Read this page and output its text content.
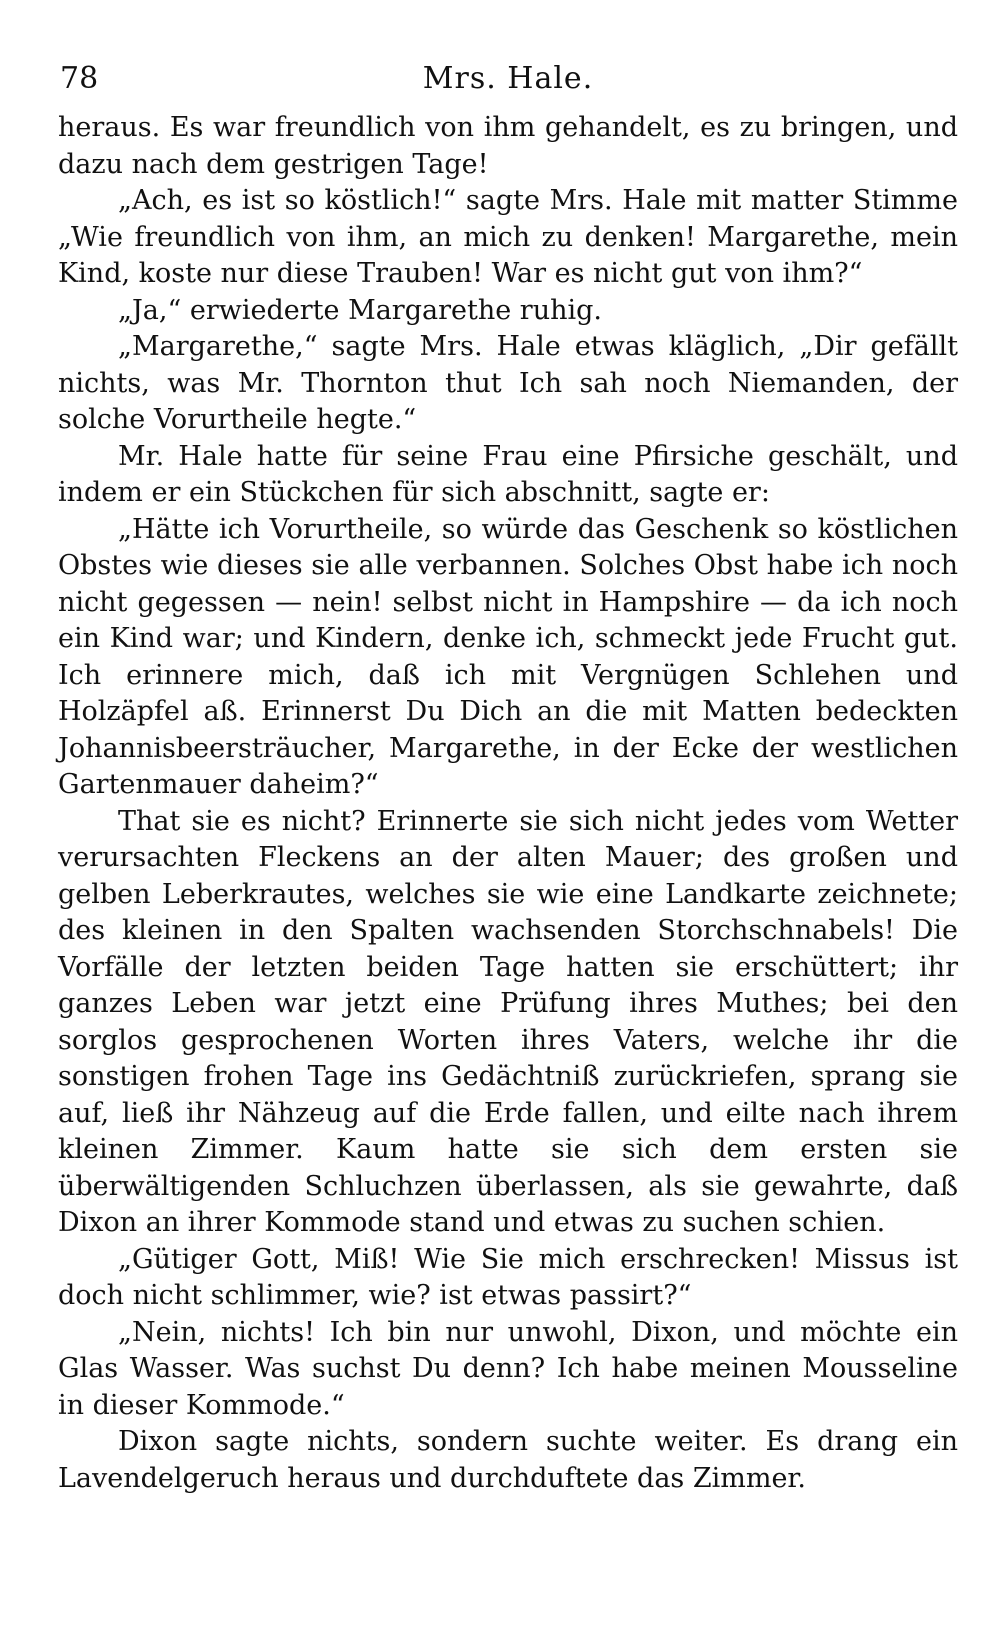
78	Mrs. Hale.

heraus. Es war freundlich von ihm gehandelt, es zu bringen, und dazu nach dem gestrigen Tage!

„Ach, es ist so köstlich!“ sagte Mrs. Hale mit matter Stimme „Wie freundlich von ihm, an mich zu denken! Margarethe, mein Kind, koste nur diese Trauben! War es nicht gut von ihm?“

„Ja,“ erwiederte Margarethe ruhig.

„Margarethe,“ sagte Mrs. Hale etwas kläglich, „Dir gefällt nichts, was Mr. Thornton thut Ich sah noch Niemanden, der solche Vorurtheile hegte.“

Mr. Hale hatte für seine Frau eine Pfirsiche geschält, und indem er ein Stückchen für sich abschnitt, sagte er:

„Hätte ich Vorurtheile, so würde das Geschenk so köstlichen Obstes wie dieses sie alle verbannen. Solches Obst habe ich noch nicht gegessen — nein! selbst nicht in Hampshire — da ich noch ein Kind war; und Kindern, denke ich, schmeckt jede Frucht gut. Ich erinnere mich, daß ich mit Vergnügen Schlehen und Holzäpfel aß. Erinnerst Du Dich an die mit Matten bedeckten Johannisbeersträucher, Margarethe, in der Ecke der westlichen Gartenmauer daheim?“

That sie es nicht? Erinnerte sie sich nicht jedes vom Wetter verursachten Fleckens an der alten Mauer; des großen und gelben Leberkrautes, welches sie wie eine Landkarte zeichnete; des kleinen in den Spalten wachsenden Storchschnabels! Die Vorfälle der letzten beiden Tage hatten sie erschüttert; ihr ganzes Leben war jetzt eine Prüfung ihres Muthes; bei den sorglos gesprochenen Worten ihres Vaters, welche ihr die sonstigen frohen Tage ins Gedächtniß zurückriefen, sprang sie auf, ließ ihr Nähzeug auf die Erde fallen, und eilte nach ihrem kleinen Zimmer. Kaum hatte sie sich dem ersten sie überwältigenden Schluchzen überlassen, als sie gewahrte, daß Dixon an ihrer Kommode stand und etwas zu suchen schien.

„Gütiger Gott, Miß! Wie Sie mich erschrecken! Missus ist doch nicht schlimmer, wie? ist etwas passirt?“

„Nein, nichts! Ich bin nur unwohl, Dixon, und möchte ein Glas Wasser. Was suchst Du denn? Ich habe meinen Mousseline in dieser Kommode.“

Dixon sagte nichts, sondern suchte weiter. Es drang ein Lavendelgeruch heraus und durchduftete das Zimmer.
